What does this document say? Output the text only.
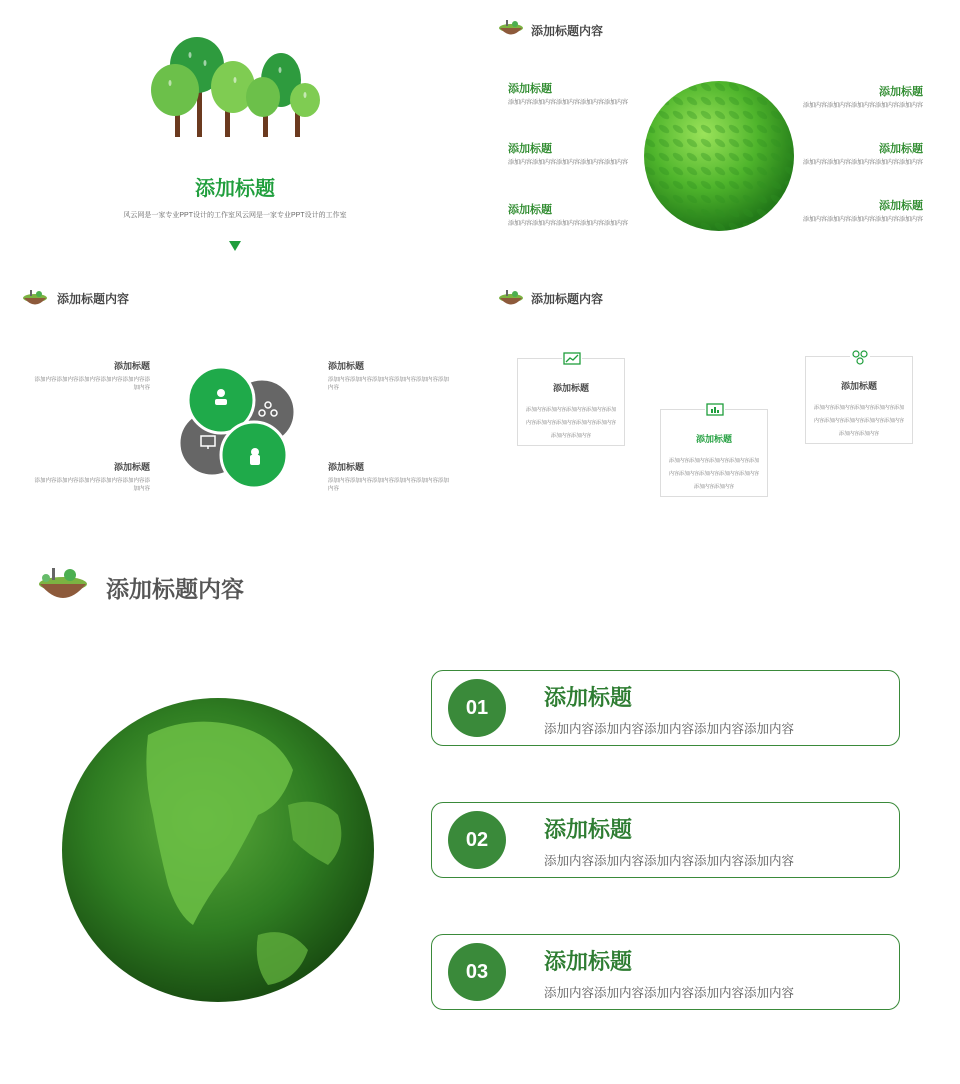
添加标题
风云网是一家专业PPT设计的工作室风云网是一家专业PPT设计的工作室
添加标题内容
添加标题
添加内容添加内容添加内容添加内容添加内容
添加标题
添加内容添加内容添加内容添加内容添加内容
添加标题
添加内容添加内容添加内容添加内容添加内容
添加标题
添加内容添加内容添加内容添加内容添加内容
添加标题
添加内容添加内容添加内容添加内容添加内容
添加标题
添加内容添加内容添加内容添加内容添加内容
添加标题内容
添加标题
添加内容添加内容添加内容添加内容添加内容添加内容
添加标题
添加内容添加内容添加内容添加内容添加内容添加内容
添加标题
添加内容添加内容添加内容添加内容添加内容添加内容
添加标题
添加内容添加内容添加内容添加内容添加内容添加内容
添加标题内容
添加标题
添加内容添加内容添加内容添加内容添加内容添加内容添加内容添加内容添加内容添加内容添加内容	添加标题
添加内容添加内容添加内容添加内容添加内容添加内容添加内容添加内容添加内容添加内容添加内容
添加标题
添加内容添加内容添加内容添加内容添加内容添加内容添加内容添加内容添加内容添加内容添加内容
添加标题内容
01	添加标题
添加内容添加内容添加内容添加内容添加内容
02	添加标题
添加内容添加内容添加内容添加内容添加内容
03	添加标题
添加内容添加内容添加内容添加内容添加内容
